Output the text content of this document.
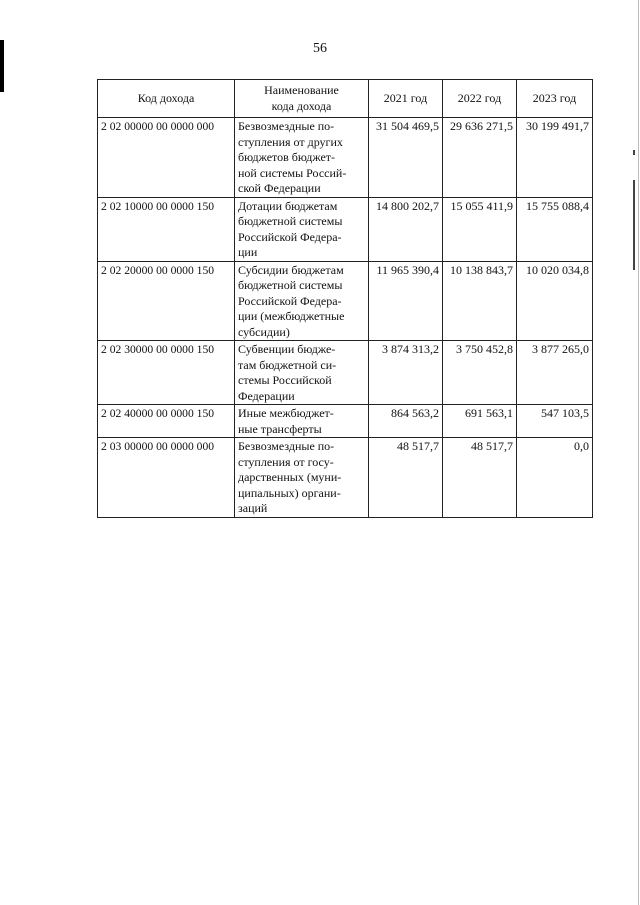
56
Код дохода	Наименование
кода дохода	2021 год	2022 год	2023 год
2 02 00000 00 0000 000	Безвозмездные по-
ступления от других
бюджетов бюджет-
ной системы Россий-
ской Федерации	31 504 469,5	29 636 271,5	30 199 491,7
2 02 10000 00 0000 150	Дотации бюджетам
бюджетной системы
Российской Федера-
ции	14 800 202,7	15 055 411,9	15 755 088,4
2 02 20000 00 0000 150	Субсидии бюджетам
бюджетной системы
Российской Федера-
ции (межбюджетные
субсидии)	11 965 390,4	10 138 843,7	10 020 034,8
2 02 30000 00 0000 150	Субвенции бюдже-
там бюджетной си-
стемы Российской
Федерации	3 874 313,2	3 750 452,8	3 877 265,0
2 02 40000 00 0000 150	Иные межбюджет-
ные трансферты	864 563,2	691 563,1	547 103,5
2 03 00000 00 0000 000	Безвозмездные по-
ступления от госу-
дарственных (муни-
ципальных) органи-
заций	48 517,7	48 517,7	0,0
